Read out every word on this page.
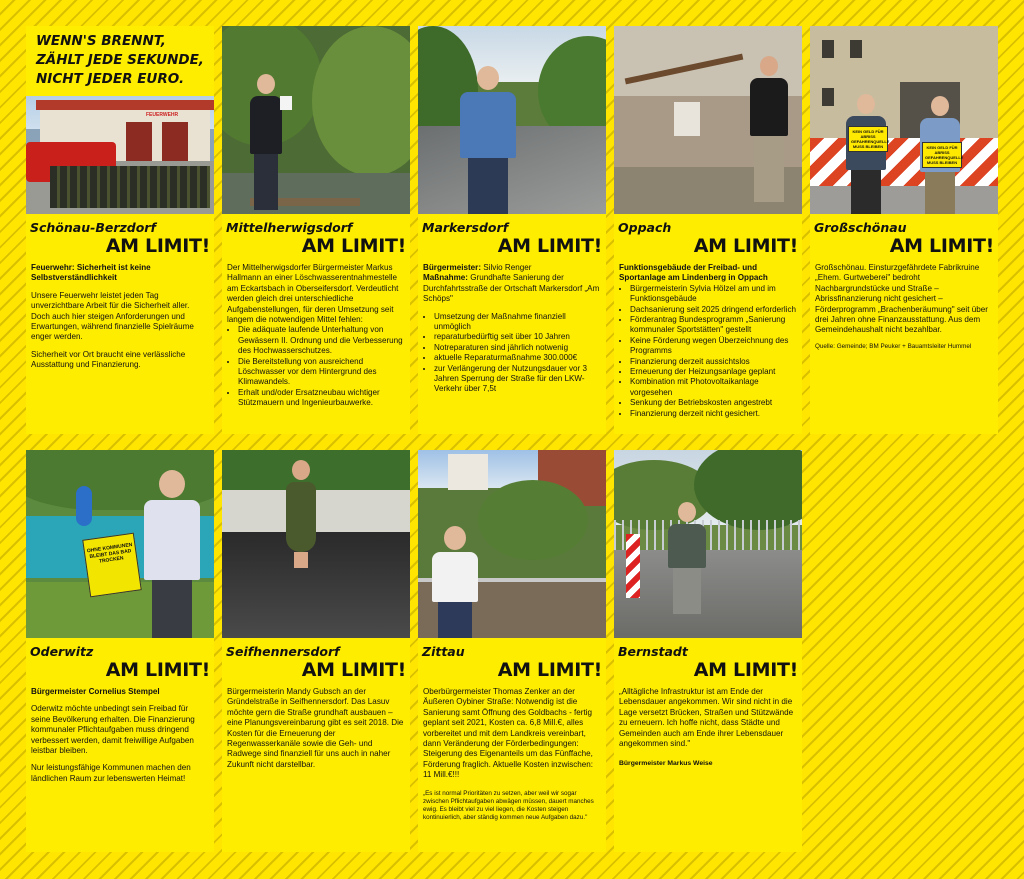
FEUERWEHR
WENN'S BRENNT,
ZÄHLT JEDE SEKUNDE,
NICHT JEDER EURO.
Schönau-Berzdorf
AM LIMIT!

Feuerwehr: Sicherheit ist keine Selbstverständlichkeit

Unsere Feuerwehr leistet jeden Tag unverzichtbare Arbeit für die Sicherheit aller. Doch auch hier steigen Anforderungen und Erwartungen, während finanzielle Spielräume enger werden.

Sicherheit vor Ort braucht eine verlässliche Ausstattung und Finanzierung.

Mittelherwigsdorf
AM LIMIT!

Der Mittelherwigsdorfer Bürgermeister Markus Hallmann an einer Löschwasserentnahmestelle am Eckartsbach in Oberseifersdorf. Verdeutlicht werden gleich drei unterschiedliche Aufgabenstellungen, für deren Umsetzung seit langem die notwendigen Mittel fehlen:

• Die adäquate laufende Unterhaltung von Gewässern II. Ordnung und die Verbesserung des Hochwasserschutzes.
• Die Bereitstellung von ausreichend Löschwasser vor dem Hintergrund des Klimawandels.
• Erhalt und/oder Ersatzneubau wichtiger Stützmauern und Ingenieurbauwerke.
Markersdorf
AM LIMIT!

Bürgermeister: Silvio Renger

Maßnahme: Grundhafte Sanierung der Durchfahrtsstraße der Ortschaft Markersdorf „Am Schöps"

• Umsetzung der Maßnahme finanziell unmöglich
• reparaturbedürftig seit über 10 Jahren
• Notreparaturen sind jährlich notwenig
• aktuelle Reparaturmaßnahme 300.000€
• zur Verlängerung der Nutzungsdauer vor 3 Jahren Sperrung der Straße für den LKW-Verkehr über 7,5t
Oppach
AM LIMIT!

Funktionsgebäude der Freibad- und Sportanlage am Lindenberg in Oppach

• Bürgermeisterin Sylvia Hölzel am und im Funktionsgebäude
• Dachsanierung seit 2025 dringend erforderlich
• Förderantrag Bundesprogramm „Sanierung kommunaler Sportstätten" gestellt
• Keine Förderung wegen Überzeichnung des Programms
• Finanzierung derzeit aussichtslos
• Erneuerung der Heizungsanlage geplant
• Kombination mit Photovoltaikanlage vorgesehen
• Senkung der Betriebskosten angestrebt
• Finanzierung derzeit nicht gesichert.
KEIN GELD FÜR ABRISS GEFAHRENQUELLE MUSS BLEIBEN	KEIN GELD FÜR ABRISS GEFAHRENQUELLE MUSS BLEIBEN
Großschönau
AM LIMIT!

Großschönau. Einsturzgefährdete Fabrikruine „Ehem. Gurtweberei" bedroht Nachbargrundstücke und Straße – Abrissfinanzierung nicht gesichert – Förderprogramm „Brachenberäumung" seit über drei Jahren ohne Finanzausstattung. Aus dem Gemeindehaushalt nicht bezahlbar.

Quelle: Gemeinde; BM Peuker + Bauamtsleiter Hummel

OHNE KOMMUNEN BLEIBT DAS BAD TROCKEN
Oderwitz
AM LIMIT!

Bürgermeister Cornelius Stempel

Oderwitz möchte unbedingt sein Freibad für seine Bevölkerung erhalten. Die Finanzierung kommunaler Pflichtaufgaben muss dringend verbessert werden, damit freiwillige Aufgaben leistbar bleiben.

Nur leistungsfähige Kommunen machen den ländlichen Raum zur lebenswerten Heimat!

Seifhennersdorf
AM LIMIT!

Bürgermeisterin Mandy Gubsch an der Gründelstraße in Seifhennersdorf. Das Lasuv möchte gern die Straße grundhaft ausbauen – eine Planungsvereinbarung gibt es seit 2018. Die Kosten für die Erneuerung der Regenwasserkanäle sowie die Geh- und Radwege sind finanziell für uns auch in naher Zukunft nicht darstellbar.

Zittau
AM LIMIT!

Oberbürgermeister Thomas Zenker an der Äußeren Oybiner Straße: Notwendig ist die Sanierung samt Öffnung des Goldbachs - fertig geplant seit 2021, Kosten ca. 6,8 Mill.€, alles vorbereitet und mit dem Landkreis vereinbart, dann Veränderung der Förderbedingungen: Steigerung des Eigenanteils um das Fünffache, Förderung fraglich. Aktuelle Kosten inzwischen: 11 Mill.€!!!

„Es ist normal Prioritäten zu setzen, aber weil wir sogar zwischen Pflichtaufgaben abwägen müssen, dauert manches ewig. Es bleibt viel zu viel liegen, die Kosten steigen kontinuierlich, aber ständig kommen neue Aufgaben dazu."

Bernstadt
AM LIMIT!

„Alltägliche Infrastruktur ist am Ende der Lebensdauer angekommen. Wir sind nicht in die Lage versetzt Brücken, Straßen und Stützwände zu erneuern. Ich hoffe nicht, dass Städte und Gemeinden auch am Ende ihrer Lebensdauer angekommen sind."

Bürgermeister Markus Weise
